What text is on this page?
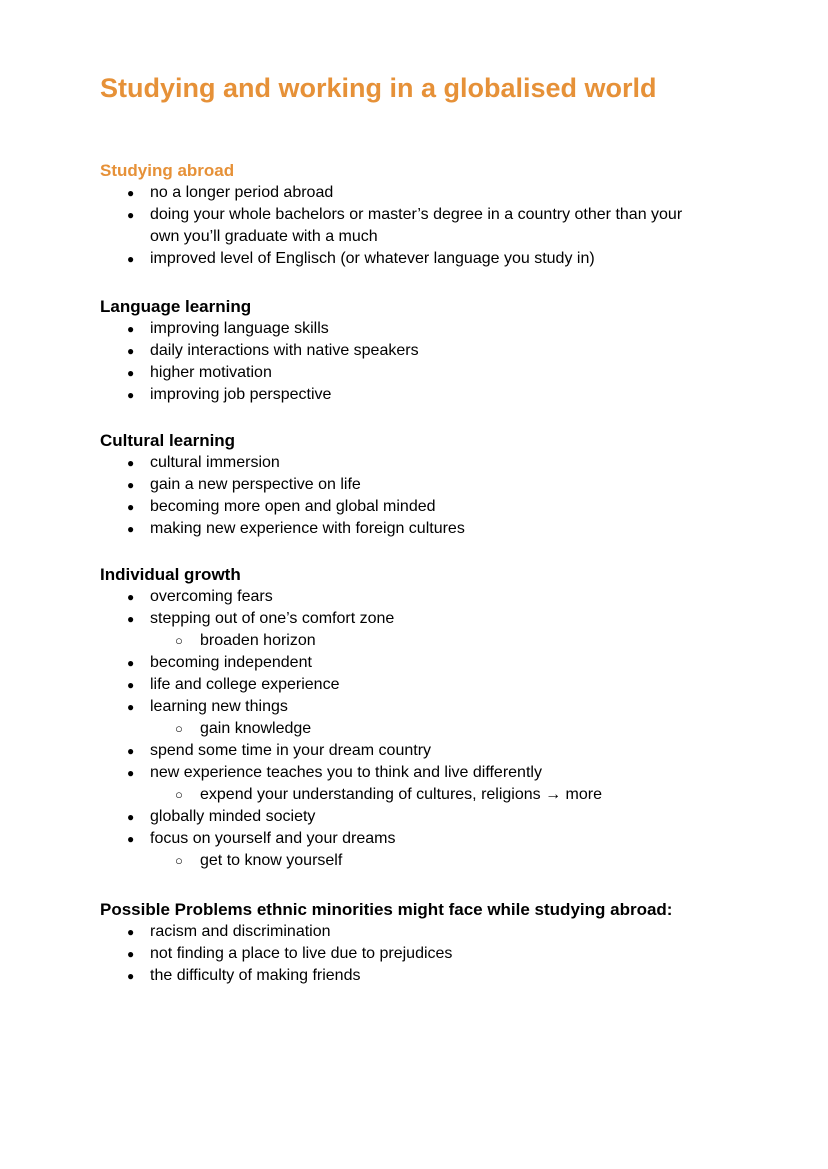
Studying and working in a globalised world
Studying abroad
● no a longer period abroad
● doing your whole bachelors or master’s degree in a country other than your own you’ll graduate with a much
● improved level of Englisch (or whatever language you study in)
Language learning
● improving language skills
● daily interactions with native speakers
● higher motivation
● improving job perspective
Cultural learning
● cultural immersion
● gain a new perspective on life
● becoming more open and global minded
● making new experience with foreign cultures
Individual growth
● overcoming fears
● stepping out of one’s comfort zone
○ broaden horizon
● becoming independent
● life and college experience
● learning new things
○ gain knowledge
● spend some time in your dream country
● new experience teaches you to think and live differently
○ expend your understanding of cultures, religions → more
● globally minded society
● focus on yourself and your dreams
○ get to know yourself
Possible Problems ethnic minorities might face while studying abroad:
● racism and discrimination
● not finding a place to live due to prejudices
● the difficulty of making friends
